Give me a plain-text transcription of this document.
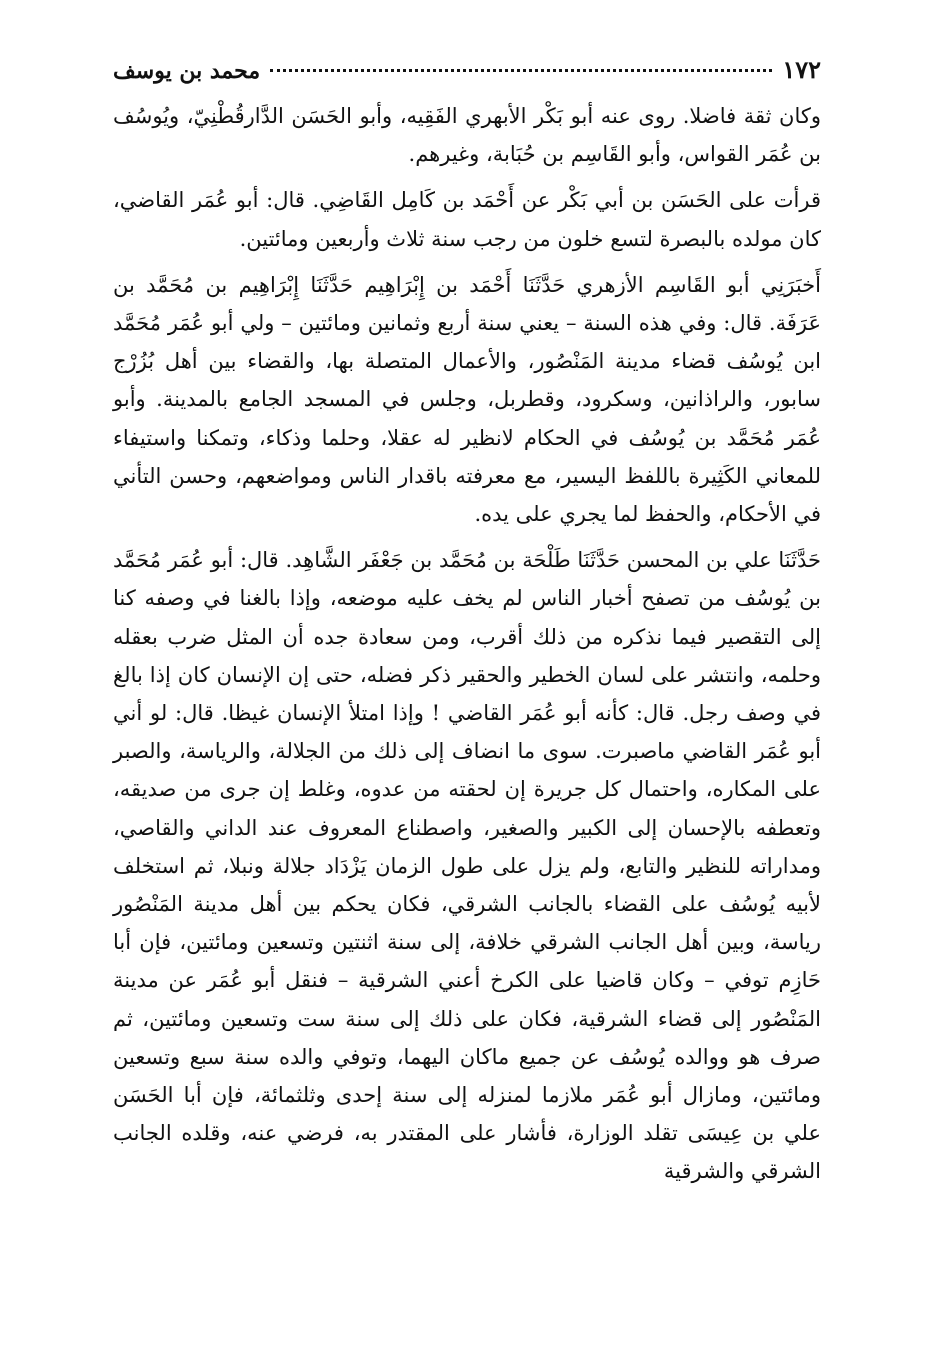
١٧٢
محمد بن يوسف

وكان ثقة فاضلا. روى عنه أبو بَكْر الأبهري الفَقِيه، وأبو الحَسَن الدَّارقُطْنِيّ، ويُوسُف بن عُمَر القواس، وأبو القَاسِم بن حُبَابة، وغيرهم.

قرأت على الحَسَن بن أبي بَكْر عن أَحْمَد بن كَامِل القَاضِي. قال: أبو عُمَر القاضي، كان مولده بالبصرة لتسع خلون من رجب سنة ثلاث وأربعين ومائتين.

أَخبَرَنِي أبو القَاسِم الأزهري حَدَّثَنَا أَحْمَد بن إِبْرَاهِيم حَدَّثَنَا إِبْرَاهِيم بن مُحَمَّد بن عَرَفَة. قال: وفي هذه السنة – يعني سنة أربع وثمانين ومائتين – ولي أبو عُمَر مُحَمَّد ابن يُوسُف قضاء مدينة المَنْصُور، والأعمال المتصلة بها، والقضاء بين أهل بُزُرْج سابور، والراذانين، وسكرود، وقطربل، وجلس في المسجد الجامع بالمدينة. وأبو عُمَر مُحَمَّد بن يُوسُف في الحكام لانظير له عقلا، وحلما وذكاء، وتمكنا واستيفاء للمعاني الكَثِيرة باللفظ اليسير، مع معرفته باقدار الناس ومواضعهم، وحسن التأني في الأحكام، والحفظ لما يجري على يده.

حَدَّثَنَا علي بن المحسن حَدَّثَنَا طَلْحَة بن مُحَمَّد بن جَعْفَر الشَّاهِد. قال: أبو عُمَر مُحَمَّد بن يُوسُف من تصفح أخبار الناس لم يخف عليه موضعه، وإذا بالغنا في وصفه كنا إلى التقصير فيما نذكره من ذلك أقرب، ومن سعادة جده أن المثل ضرب بعقله وحلمه، وانتشر على لسان الخطير والحقير ذكر فضله، حتى إن الإنسان كان إذا بالغ في وصف رجل. قال: كأنه أبو عُمَر القاضي ! وإذا امتلأ الإنسان غيظا. قال: لو أني أبو عُمَر القاضي ماصبرت. سوى ما انضاف إلى ذلك من الجلالة، والرياسة، والصبر على المكاره، واحتمال كل جريرة إن لحقته من عدوه، وغلط إن جرى من صديقه، وتعطفه بالإحسان إلى الكبير والصغير، واصطناع المعروف عند الداني والقاصي، ومداراته للنظير والتابع، ولم يزل على طول الزمان يَزْدَاد جلالة ونبلا، ثم استخلف لأبيه يُوسُف على القضاء بالجانب الشرقي، فكان يحكم بين أهل مدينة المَنْصُور رياسة، وبين أهل الجانب الشرقي خلافة، إلى سنة اثنتين وتسعين ومائتين، فإن أبا حَازِم توفي – وكان قاضيا على الكرخ أعني الشرقية – فنقل أبو عُمَر عن مدينة المَنْصُور إلى قضاء الشرقية، فكان على ذلك إلى سنة ست وتسعين ومائتين، ثم صرف هو ووالده يُوسُف عن جميع ماكان اليهما، وتوفي والده سنة سبع وتسعين ومائتين، ومازال أبو عُمَر ملازما لمنزله إلى سنة إحدى وثلثمائة، فإن أبا الحَسَن علي بن عِيسَى تقلد الوزارة، فأشار على المقتدر به، فرضي عنه، وقلده الجانب الشرقي والشرقية
